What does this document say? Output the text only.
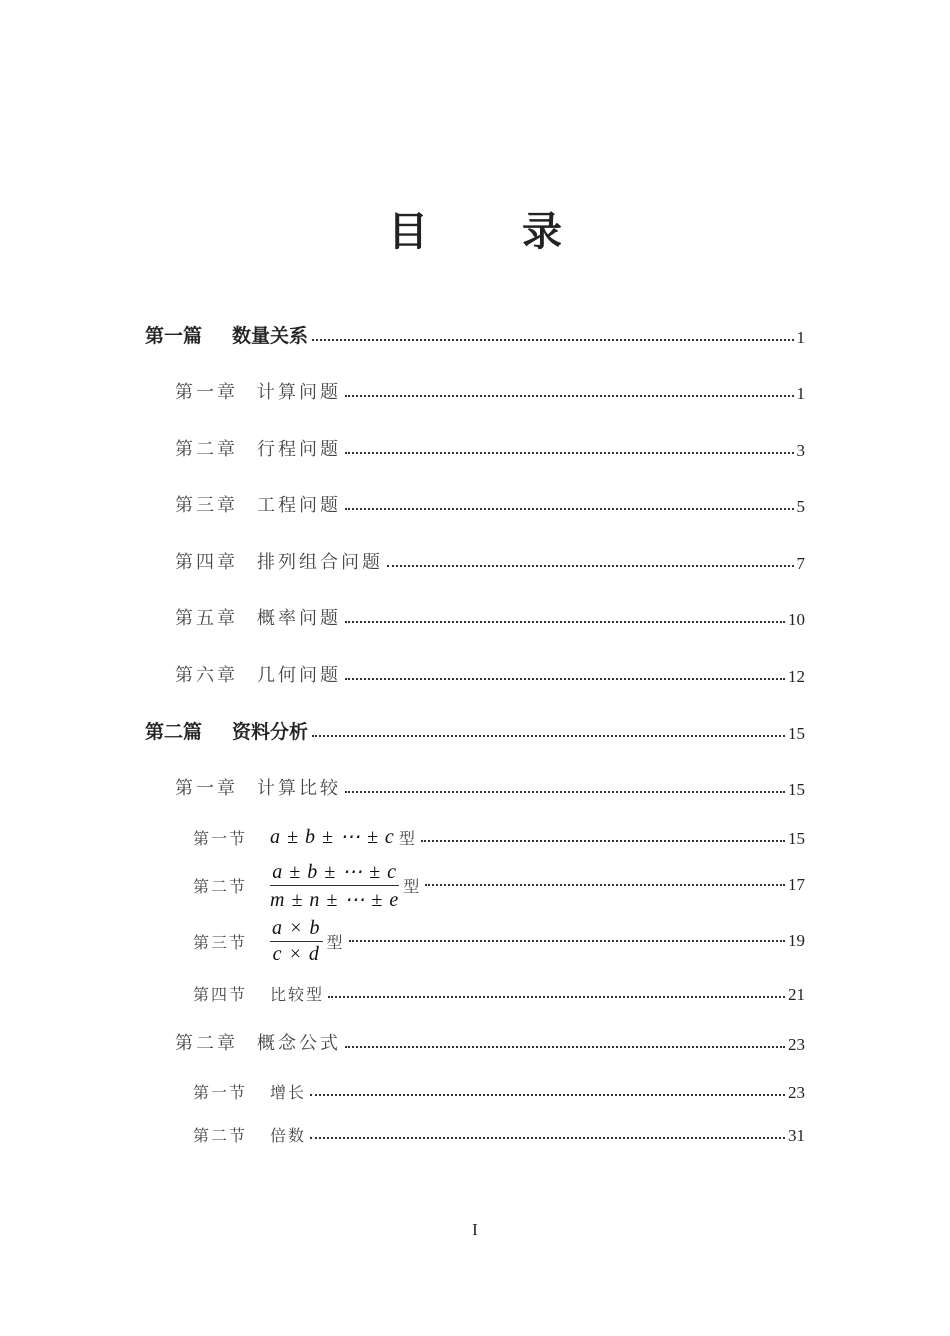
目 录
第一篇	数量关系	1
第一章	计算问题	1
第二章	行程问题	3
第三章	工程问题	5
第四章	排列组合问题	7
第五章	概率问题	10
第六章	几何问题	12
第二篇	资料分析	15
第一章	计算比较	15
第一节	a ± b ± ⋯ ± c 型	15
第二节	$\frac{a \pm b \pm \cdots \pm c}{m \pm n \pm \cdots \pm e}$ 型	17
第三节	$\frac{a \times b}{c \times d}$ 型	19
第四节	比较型	21
第二章	概念公式	23
第一节	增长	23
第二节	倍数	31
I
